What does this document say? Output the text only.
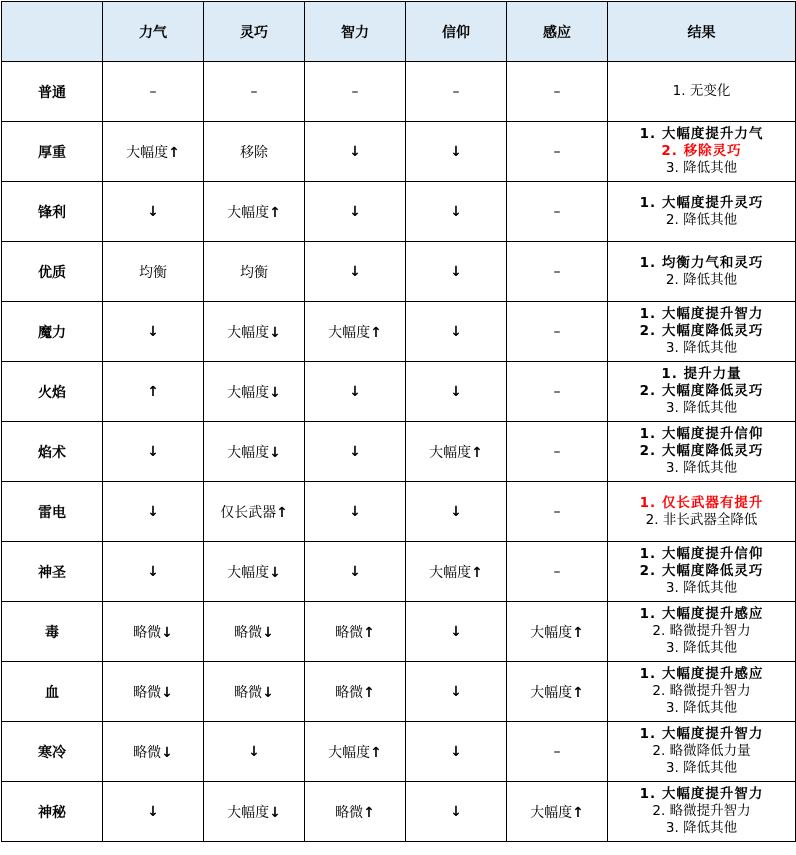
	力气	灵巧	智力	信仰	感应	结果
普通	–	–	–	–	–	1. 无变化

厚重	大幅度↑	移除	↓	↓	–	1. 大幅度提升力气
2. 移除灵巧
3. 降低其他

锋利	↓	大幅度↑	↓	↓	–	1. 大幅度提升灵巧
2. 降低其他

优质	均衡	均衡	↓	↓	–	1. 均衡力气和灵巧
2. 降低其他

魔力	↓	大幅度↓	大幅度↑	↓	–	1. 大幅度提升智力
2. 大幅度降低灵巧
3. 降低其他

火焰	↑	大幅度↓	↓	↓	–	1. 提升力量
2. 大幅度降低灵巧
3. 降低其他

焰术	↓	大幅度↓	↓	大幅度↑	–	1. 大幅度提升信仰
2. 大幅度降低灵巧
3. 降低其他

雷电	↓	仅长武器↑	↓	↓	–	1. 仅长武器有提升
2. 非长武器全降低

神圣	↓	大幅度↓	↓	大幅度↑	–	1. 大幅度提升信仰
2. 大幅度降低灵巧
3. 降低其他

毒	略微↓	略微↓	略微↑	↓	大幅度↑	1. 大幅度提升感应
2. 略微提升智力
3. 降低其他

血	略微↓	略微↓	略微↑	↓	大幅度↑	1. 大幅度提升感应
2. 略微提升智力
3. 降低其他

寒冷	略微↓	↓	大幅度↑	↓	–	1. 大幅度提升智力
2. 略微降低力量
3. 降低其他

神秘	↓	大幅度↓	略微↑	↓	大幅度↑	1. 大幅度提升智力
2. 略微提升智力
3. 降低其他
